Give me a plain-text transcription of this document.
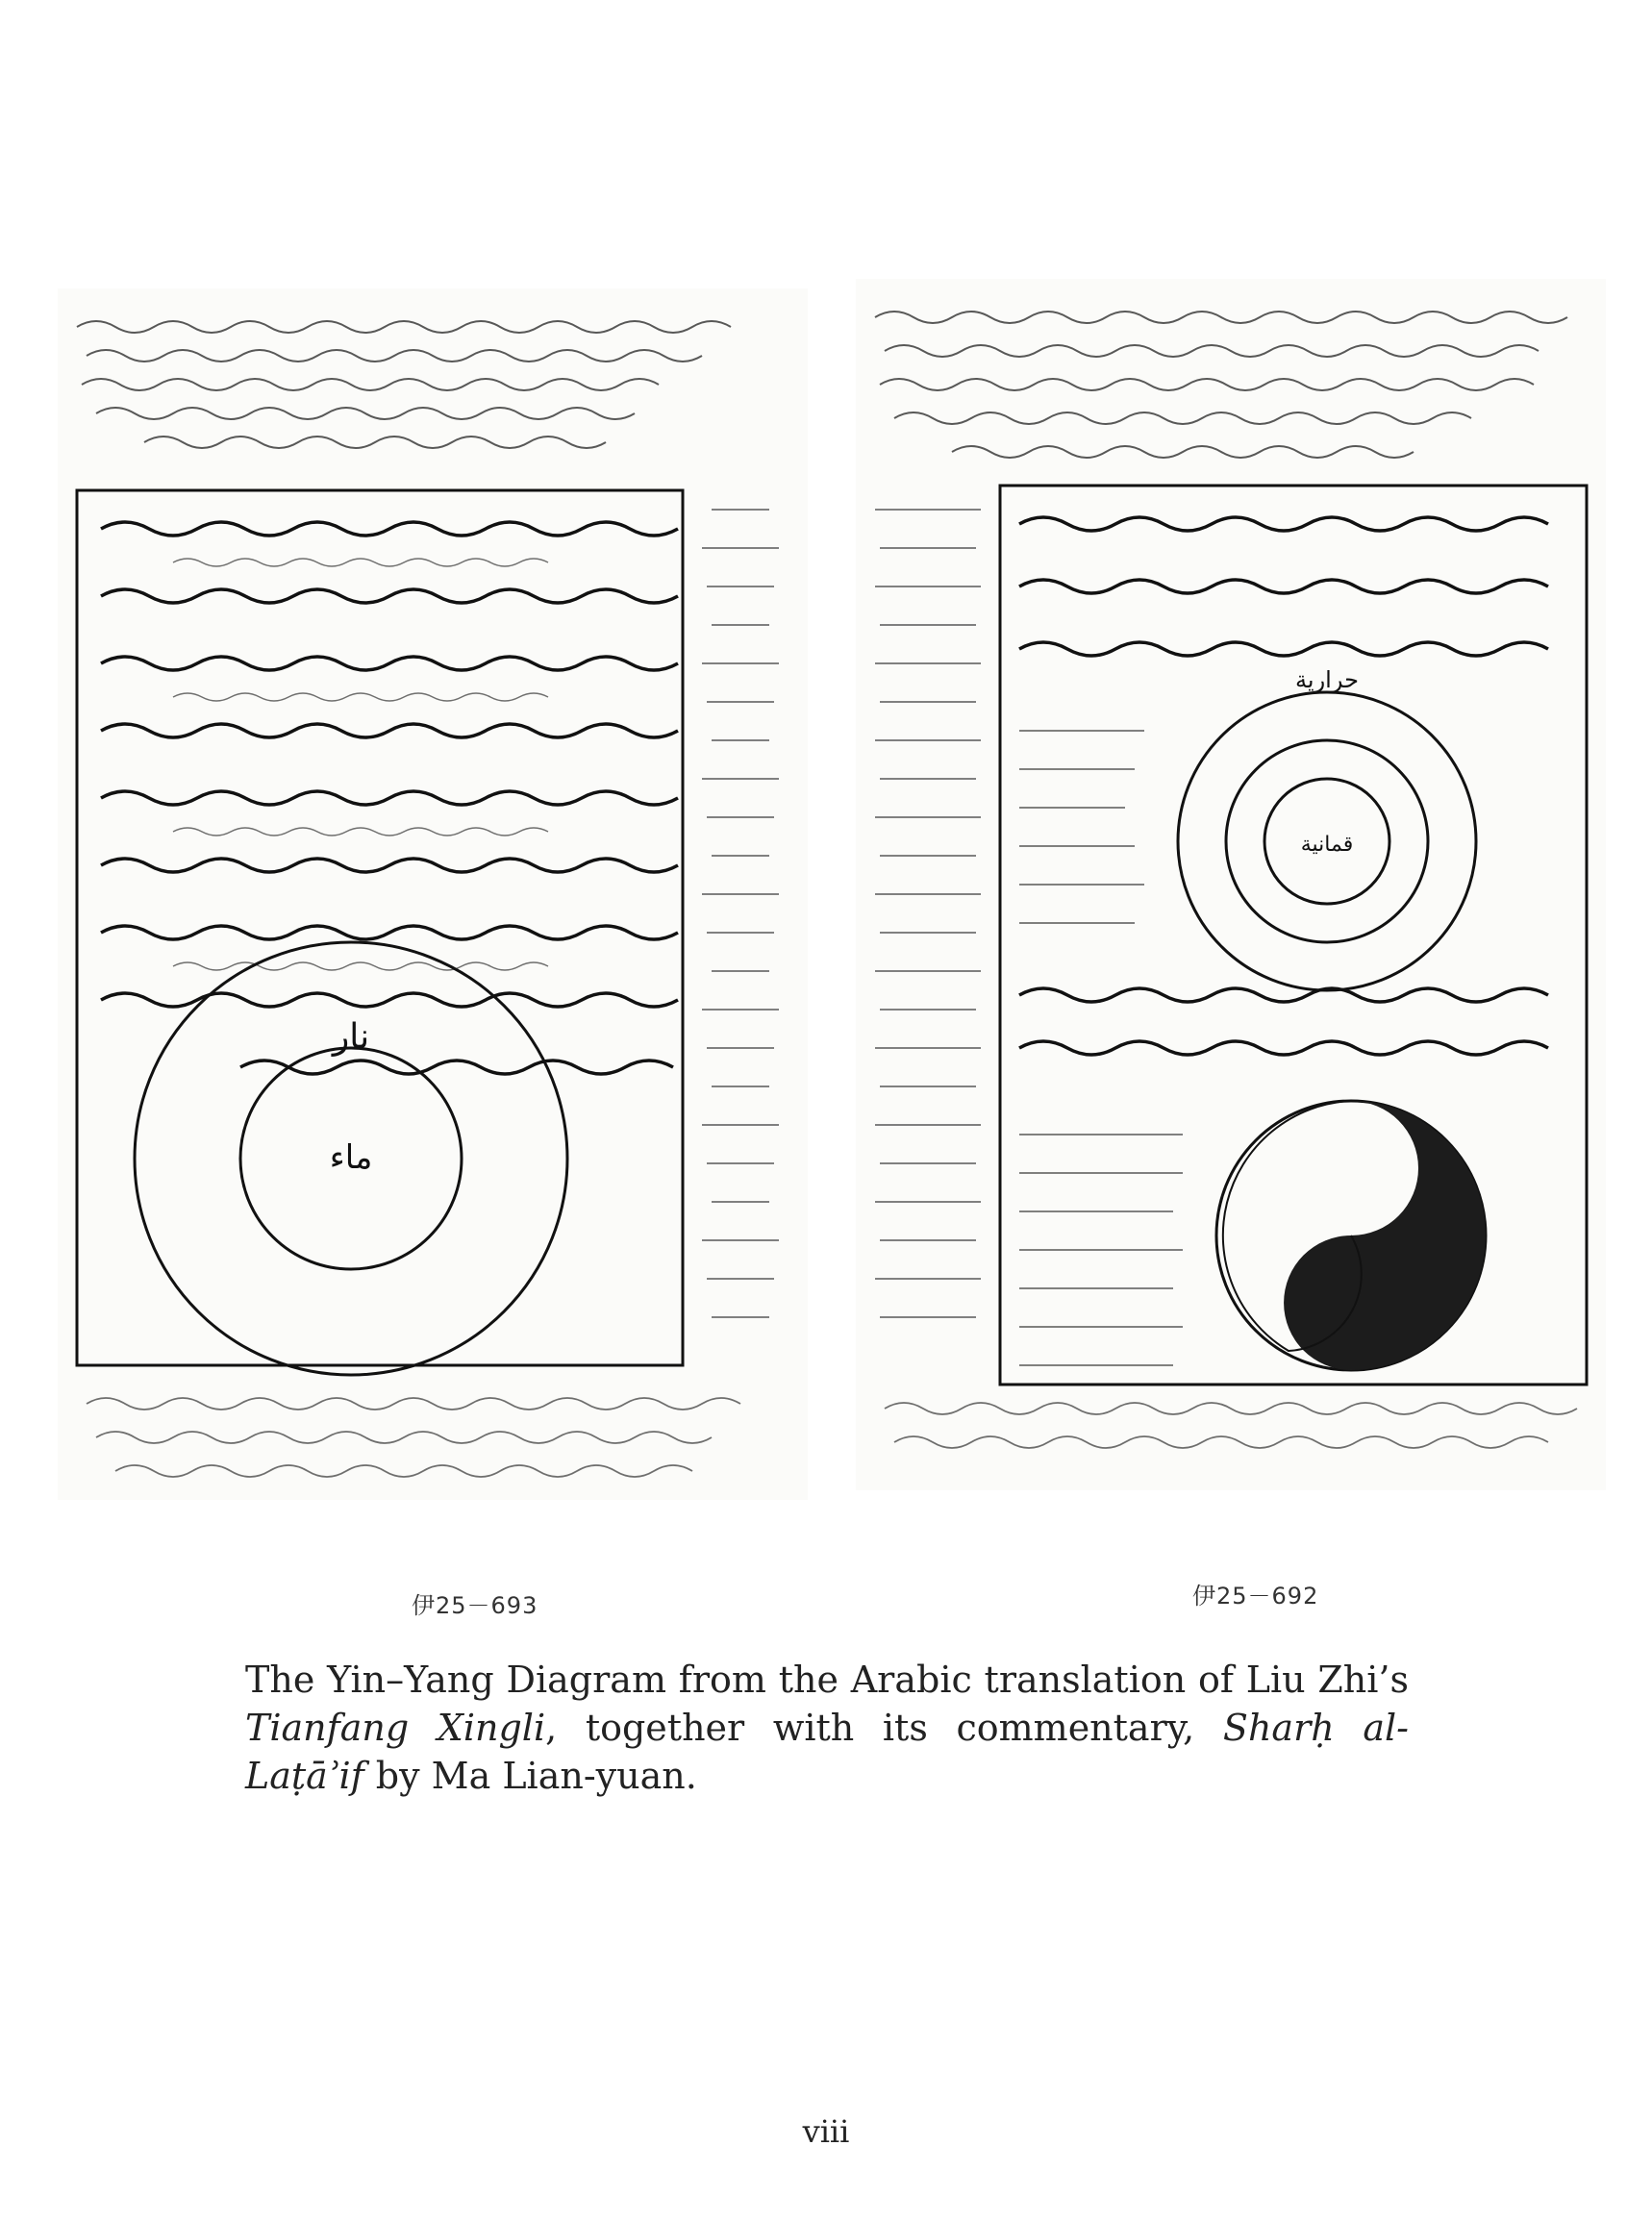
نار
ماء
حرارية
قمانية
伊25－693	伊25－692
The Yin–Yang Diagram from the Arabic translation of Liu Zhi’s Tianfang Xingli, together with its commentary, Sharḥ al-Laṭāʾif by Ma Lian-yuan.
viii
